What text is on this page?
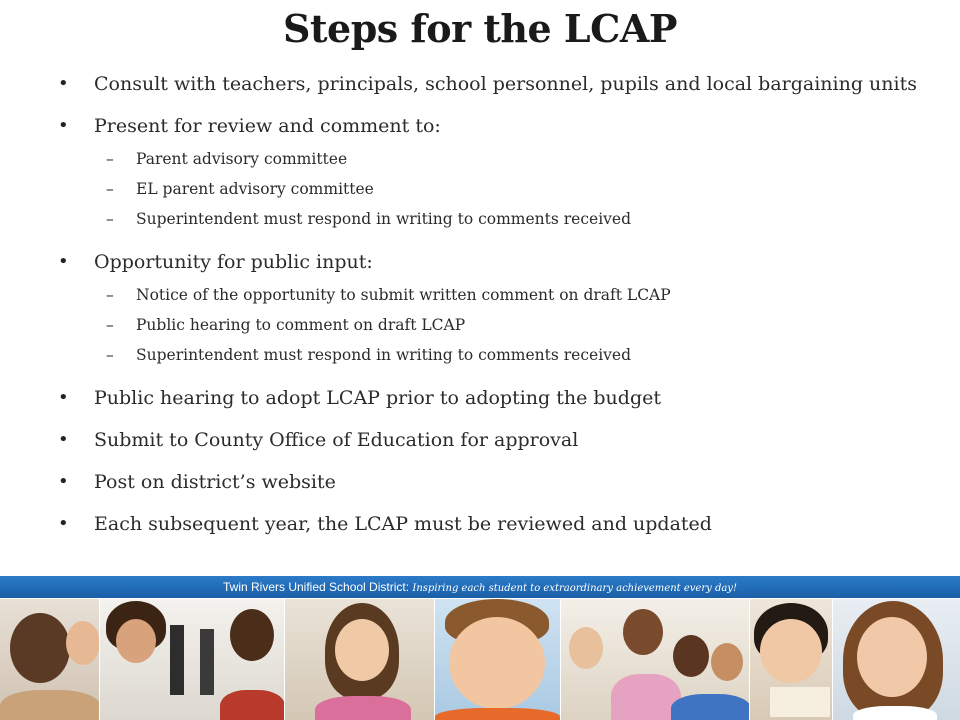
Steps for the LCAP
• Consult with teachers, principals, school personnel, pupils and local bargaining units
• Present for review and comment to:
– Parent advisory committee
– EL parent advisory committee
– Superintendent must respond in writing to comments received
• Opportunity for public input:
– Notice of the opportunity to submit written comment on draft LCAP
– Public hearing to comment on draft LCAP
– Superintendent must respond in writing to comments received
• Public hearing to adopt LCAP prior to adopting the budget
• Submit to County Office of Education for approval
• Post on district’s website
• Each subsequent year, the LCAP must be reviewed and updated
Twin Rivers Unified School District: Inspiring each student to extraordinary achievement every day!
